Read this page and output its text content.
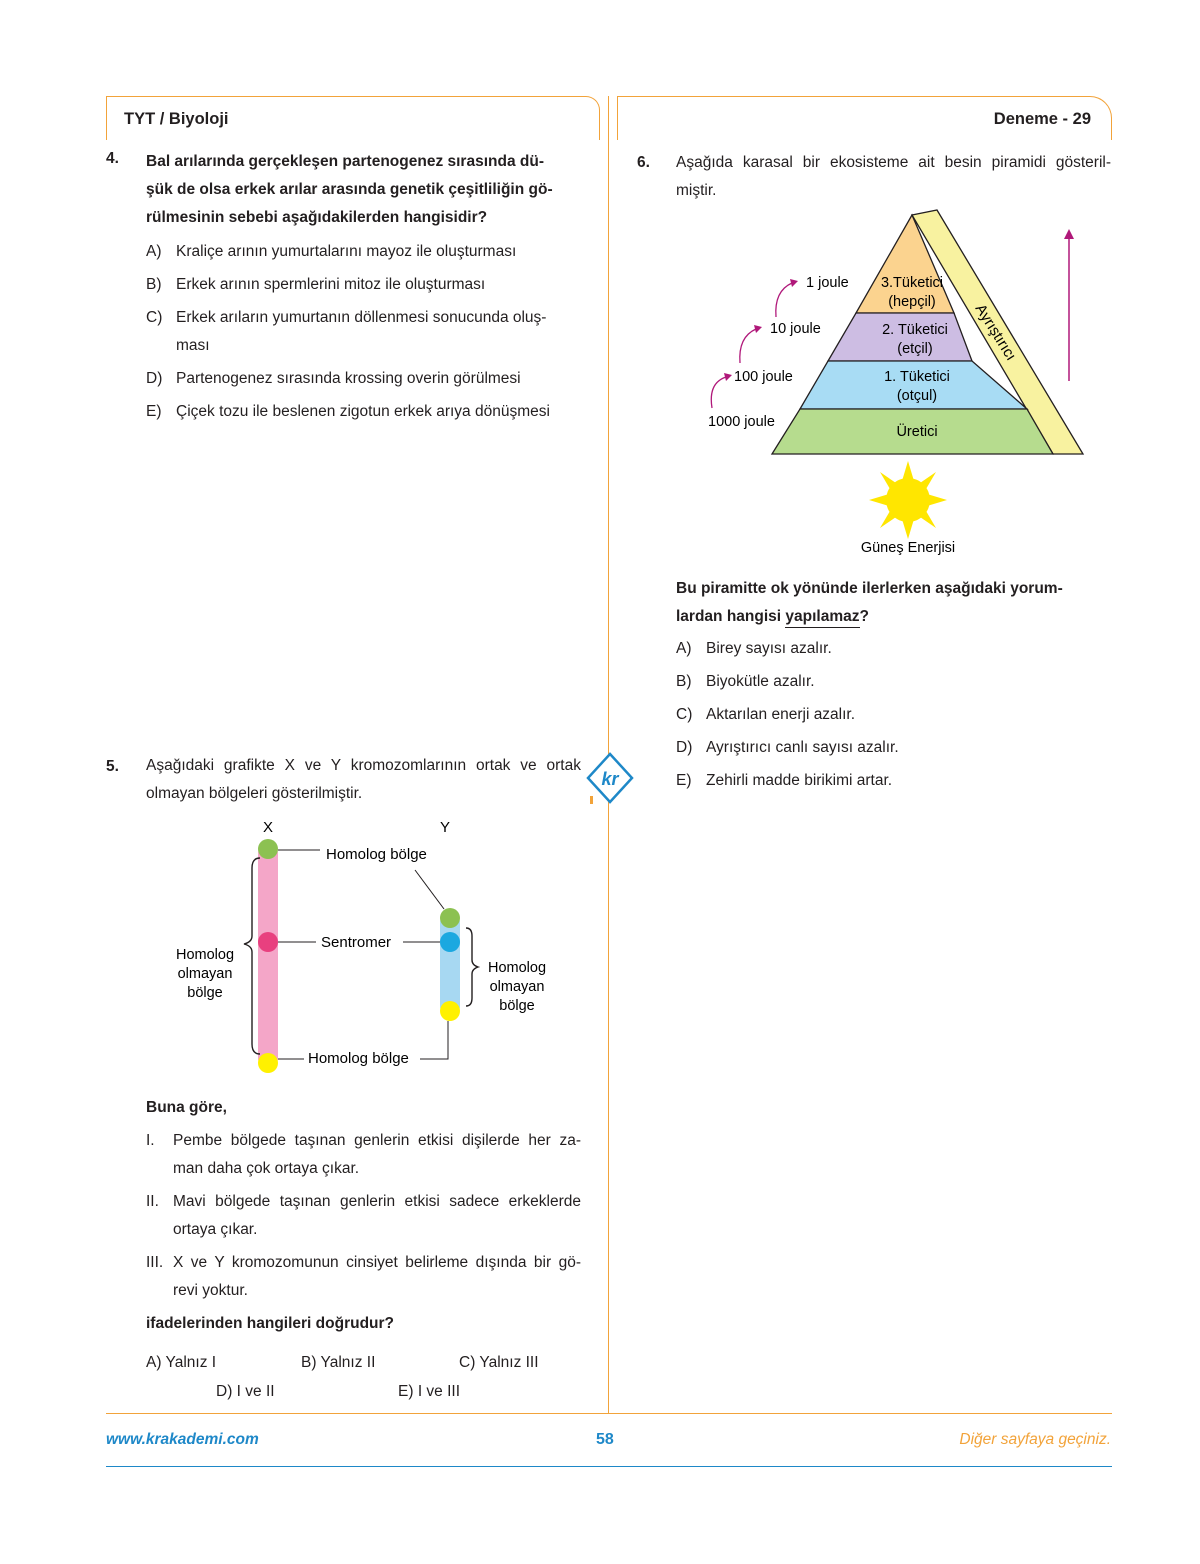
TYT / Biyoloji	Deneme - 29
4. Bal arılarında gerçekleşen partenogenez sırasında dü-
şük de olsa erkek arılar arasında genetik çeşitliliğin gö-
rülmesinin sebebi aşağıdakilerden hangisidir?
A) Kraliçe arının yumurtalarını mayoz ile oluşturması
B) Erkek arının spermlerini mitoz ile oluşturması
C) Erkek arıların yumurtanın döllenmesi sonucunda oluş-
ması
D) Partenogenez sırasında krossing overin görülmesi
E) Çiçek tozu ile beslenen zigotun erkek arıya dönüşmesi
5. Aşağıdaki grafikte X ve Y kromozomlarının ortak ve ortak
olmayan bölgeleri gösterilmiştir.
X	Y
Homolog bölge
Sentromer
Homolog bölge
Homolog
olmayan
bölge
Homolog
olmayan
bölge
Buna göre,
I. Pembe bölgede taşınan genlerin etkisi dişilerde her za-
man daha çok ortaya çıkar.
II. Mavi bölgede taşınan genlerin etkisi sadece erkeklerde
ortaya çıkar.
III. X ve Y kromozomunun cinsiyet belirleme dışında bir gö-
revi yoktur.
ifadelerinden hangileri doğrudur?
A) Yalnız I	B) Yalnız II	C) Yalnız III
D) I ve II	E) I ve III
kr
6. Aşağıda karasal bir ekosisteme ait besin piramidi gösteril-
miştir.
Ayrıştırıcı
3.Tüketici
(hepçil)
2. Tüketici
(etçil)
1. Tüketici
(otçul)
Üretici
1 joule
10 joule
100 joule
1000 joule
Güneş Enerjisi
Bu piramitte ok yönünde ilerlerken aşağıdaki yorum-
lardan hangisi yapılamaz?
A) Birey sayısı azalır.
B) Biyokütle azalır.
C) Aktarılan enerji azalır.
D) Ayrıştırıcı canlı sayısı azalır.
E) Zehirli madde birikimi artar.
www.krakademi.com	58	Diğer sayfaya geçiniz.
